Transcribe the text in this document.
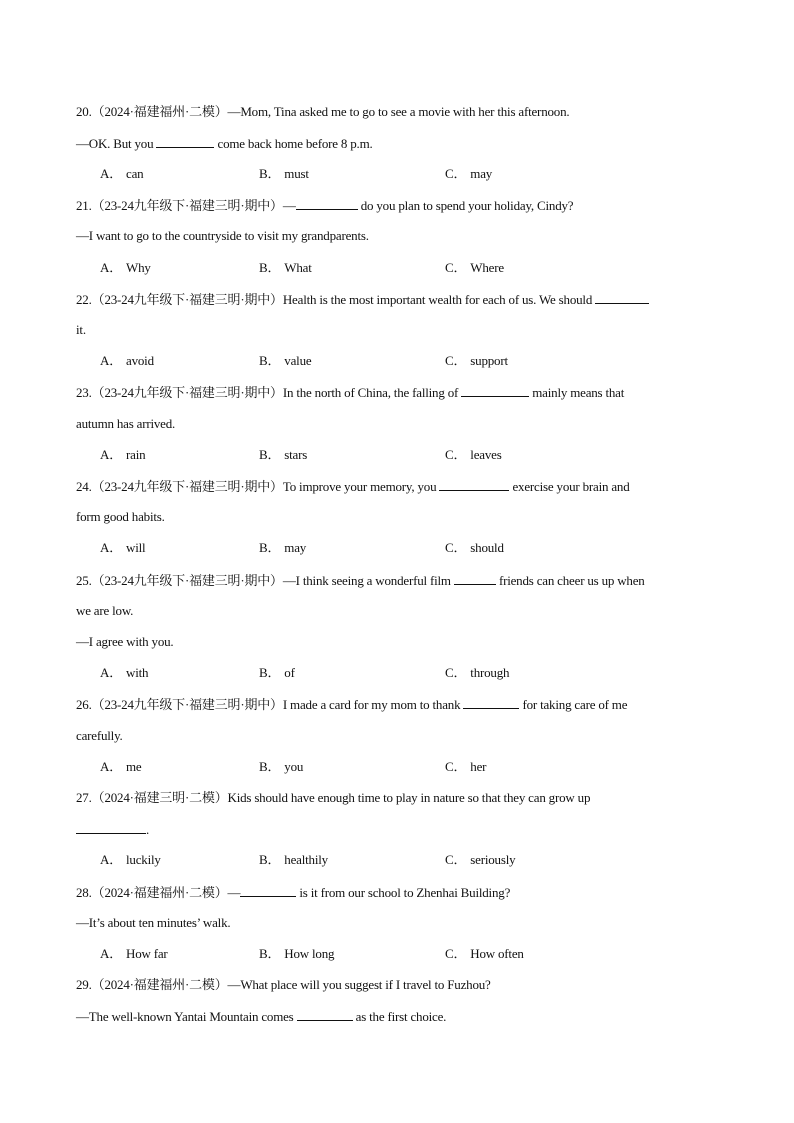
20.（2024·福建福州·二模）—Mom, Tina asked me to go to see a movie with her this afternoon.
—OK. But you	come back home before 8 p.m.
A． can	B． must	C． may
21.（23-24九年级下·福建三明·期中）—	do you plan to spend your holiday, Cindy?
—I want to go to the countryside to visit my grandparents.
A． Why	B． What	C． Where
22.（23-24九年级下·福建三明·期中）Health is the most important wealth for each of us. We should
it.
A． avoid	B． value	C． support
23.（23-24九年级下·福建三明·期中）In the north of China, the falling of	mainly means that
autumn has arrived.
A． rain	B． stars	C． leaves
24.（23-24九年级下·福建三明·期中）To improve your memory, you	exercise your brain and
form good habits.
A． will	B． may	C． should
25.（23-24九年级下·福建三明·期中）—I think seeing a wonderful film	friends can cheer us up when
we are low.
—I agree with you.
A． with	B． of	C． through
26.（23-24九年级下·福建三明·期中）I made a card for my mom to thank	for taking care of me
carefully.
A． me	B． you	C． her
27.（2024·福建三明·二模）Kids should have enough time to play in nature so that they can grow up
.
A． luckily	B． healthily	C． seriously
28.（2024·福建福州·二模）—	is it from our school to Zhenhai Building?
—It’s about ten minutes’ walk.
A． How far	B． How long	C． How often
29.（2024·福建福州·二模）—What place will you suggest if I travel to Fuzhou?
—The well-known Yantai Mountain comes	as the first choice.
